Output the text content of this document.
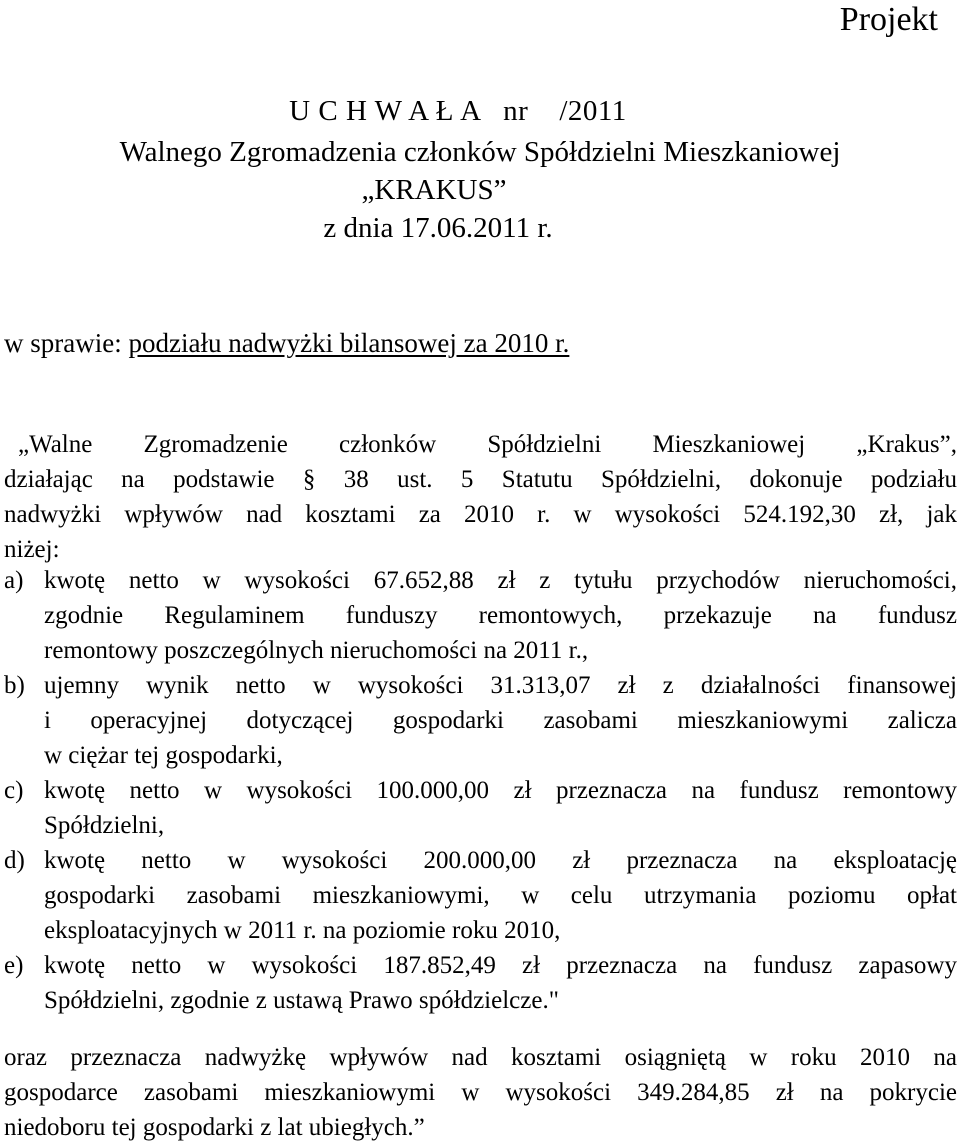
Projekt
U C H W A Ł A   nr    /2011
Walnego Zgromadzenia członków Spółdzielni Mieszkaniowej
„KRAKUS”
z dnia 17.06.2011 r.
w sprawie: podziału nadwyżki bilansowej za 2010 r.
„Walne Zgromadzenie członków Spółdzielni Mieszkaniowej „Krakus”,
działając na podstawie § 38 ust. 5 Statutu Spółdzielni, dokonuje podziału
nadwyżki wpływów nad kosztami za 2010 r. w wysokości 524.192,30 zł, jak
niżej:
a) kwotę netto w wysokości 67.652,88 zł z tytułu przychodów nieruchomości,
zgodnie Regulaminem funduszy remontowych, przekazuje na fundusz
remontowy poszczególnych nieruchomości na 2011 r.,
b) ujemny wynik netto w wysokości 31.313,07 zł z działalności finansowej
i operacyjnej dotyczącej gospodarki zasobami mieszkaniowymi zalicza
w ciężar tej gospodarki,
c) kwotę netto w wysokości 100.000,00 zł przeznacza na fundusz remontowy
Spółdzielni,
d) kwotę netto w wysokości 200.000,00 zł przeznacza na eksploatację
gospodarki zasobami mieszkaniowymi, w celu utrzymania poziomu opłat
eksploatacyjnych w 2011 r. na poziomie roku 2010,
e) kwotę netto w wysokości 187.852,49 zł przeznacza na fundusz zapasowy
Spółdzielni, zgodnie z ustawą Prawo spółdzielcze."
oraz przeznacza nadwyżkę wpływów nad kosztami osiągniętą w roku 2010 na
gospodarce zasobami mieszkaniowymi w wysokości 349.284,85 zł na pokrycie
niedoboru tej gospodarki z lat ubiegłych.”
